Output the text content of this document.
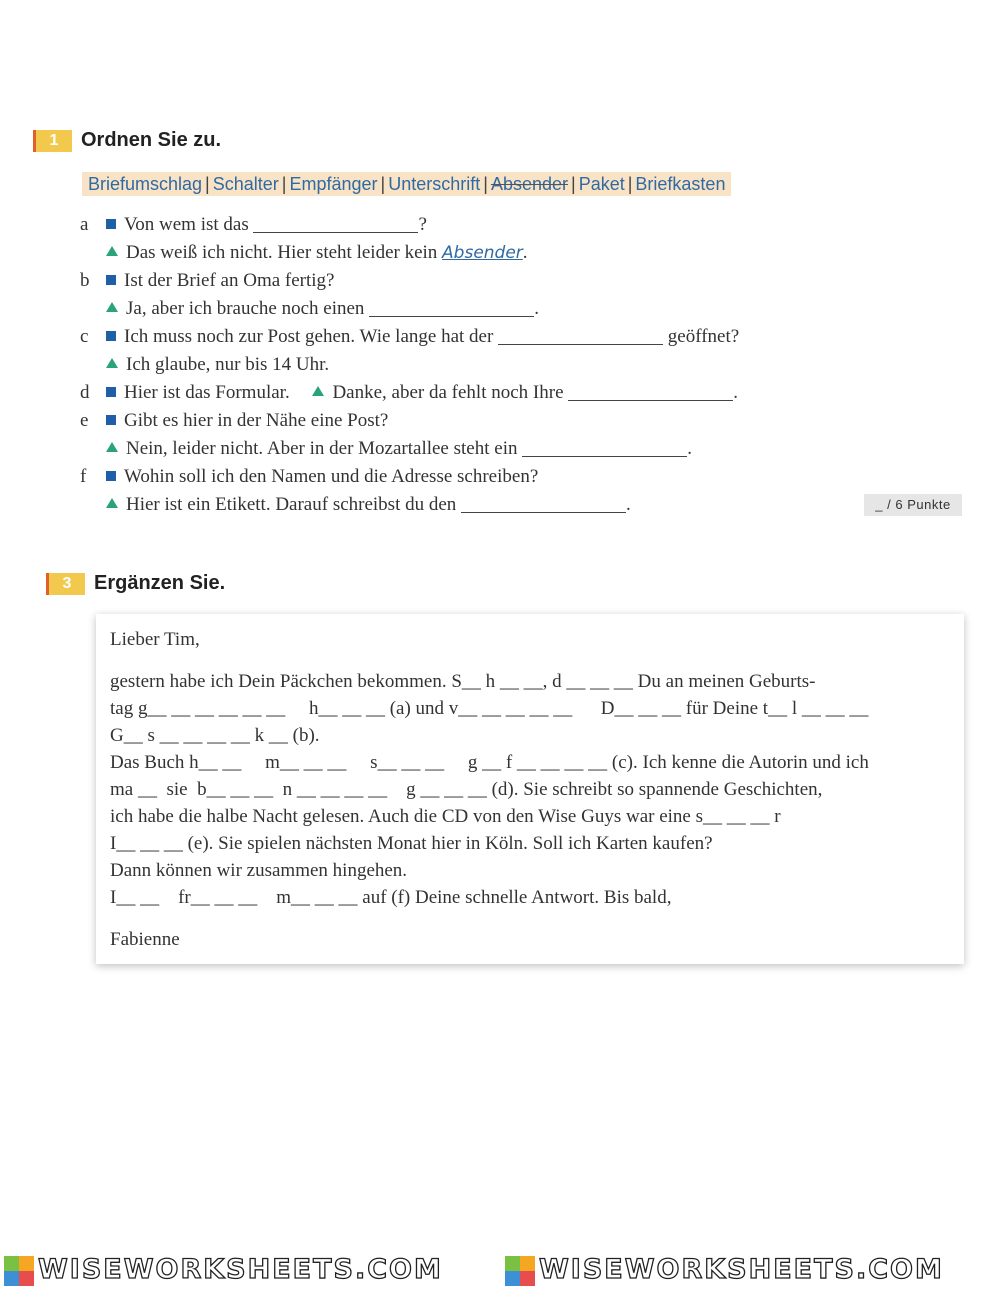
1	Ordnen Sie zu.
Briefumschlag | Schalter | Empfänger | Unterschrift | Absender | Paket | Briefkasten
a Von wem ist das	?
Das weiß ich nicht. Hier steht leider kein Absender.
b Ist der Brief an Oma fertig?
Ja, aber ich brauche noch einen	.
c Ich muss noch zur Post gehen. Wie lange hat der	geöffnet?
Ich glaube, nur bis 14 Uhr.
d Hier ist das Formular. Danke, aber da fehlt noch Ihre	.
e Gibt es hier in der Nähe eine Post?
Nein, leider nicht. Aber in der Mozartallee steht ein	.
f Wohin soll ich den Namen und die Adresse schreiben?
Hier ist ein Etikett. Darauf schreibst du den	.	_ / 6 Punkte
3	Ergänzen Sie.
Lieber Tim,
gestern habe ich Dein Päckchen bekommen. S__ h __ __, d __ __ __ Du an meinen Geburts-
tag g__ __ __ __ __ __     h__ __ __ (a) und v__ __ __ __ __      D__ __ __ für Deine t__ l __ __ __
G__ s __ __ __ __ k __ (b).
Das Buch h__ __     m__ __ __     s__ __ __     g __ f __ __ __ __ (c). Ich kenne die Autorin und ich
ma __  sie  b__ __ __  n __ __ __ __    g __ __ __ (d). Sie schreibt so spannende Geschichten,
ich habe die halbe Nacht gelesen. Auch die CD von den Wise Guys war eine s__ __ __ r
I__ __ __ (e). Sie spielen nächsten Monat hier in Köln. Soll ich Karten kaufen?
Dann können wir zusammen hingehen.
I__ __    fr__ __ __    m__ __ __ auf (f) Deine schnelle Antwort. Bis bald,
Fabienne
WISEWORKSHEETS.COM	WISEWORKSHEETS.COM
